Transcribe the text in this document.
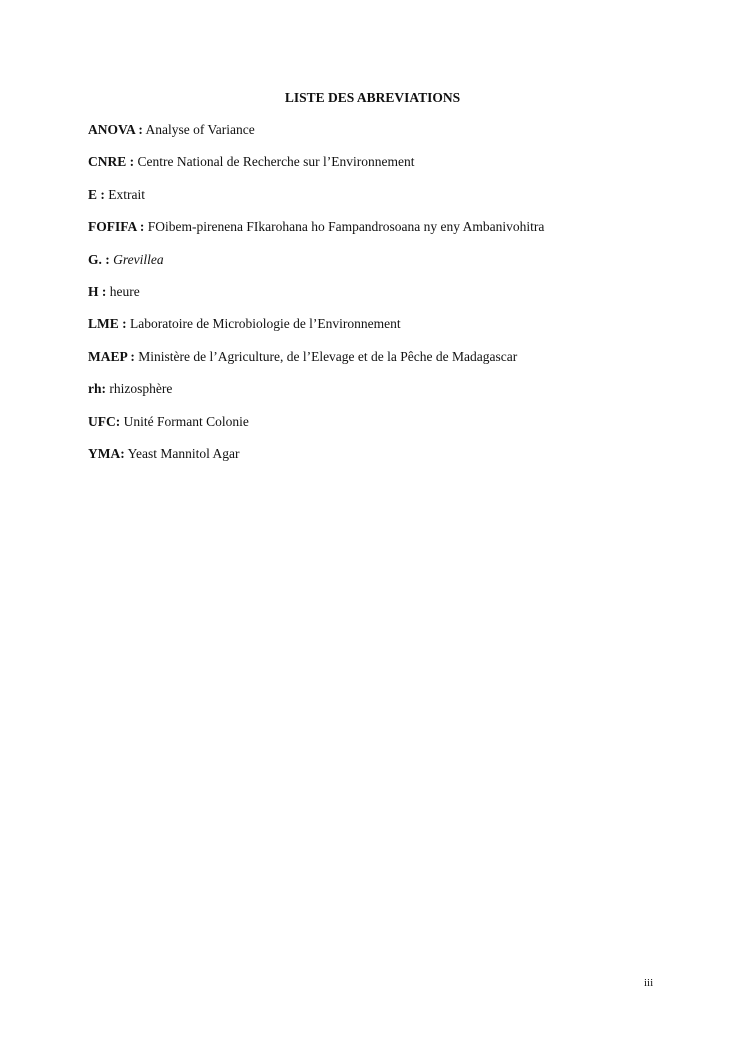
LISTE DES ABREVIATIONS
ANOVA : Analyse of Variance
CNRE : Centre National de Recherche sur l’Environnement
E : Extrait
FOFIFA : FOibem-pirenena FIkarohana ho Fampandrosoana ny eny Ambanivohitra
G. : Grevillea
H : heure
LME : Laboratoire de Microbiologie de l’Environnement
MAEP : Ministère de l’Agriculture, de l’Elevage et de la Pêche de Madagascar
rh: rhizosphère
UFC: Unité Formant Colonie
YMA: Yeast Mannitol Agar
iii
